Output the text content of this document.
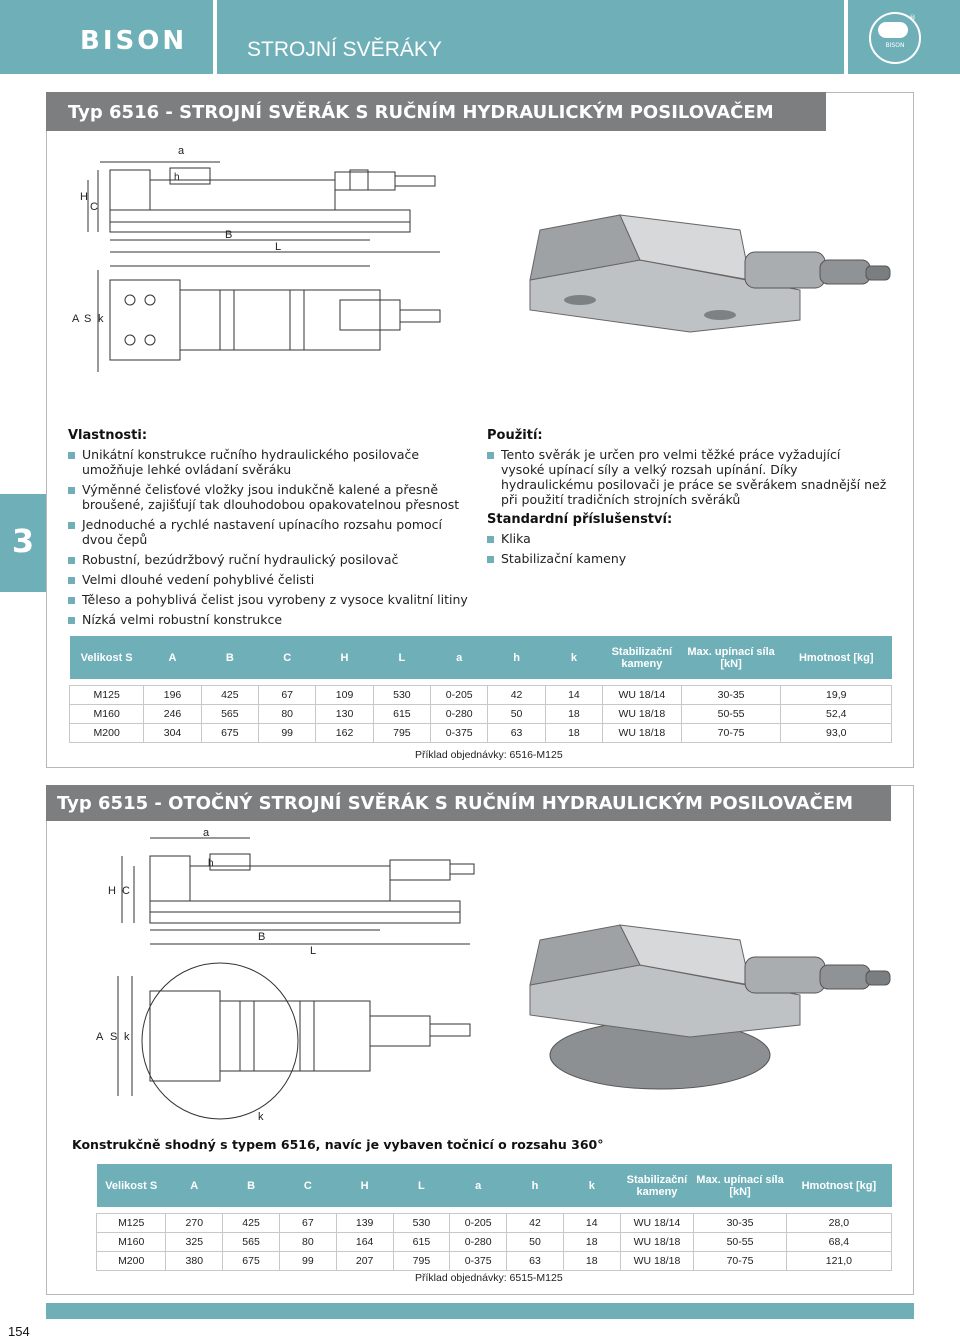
BISON	STROJNÍ SVĚRÁKY	BISON
®
3
Typ 6516 - STROJNÍ SVĚRÁK S RUČNÍM HYDRAULICKÝM POSILOVAČEM
a
h
H
C
B
L
A S k
Vlastnosti:
Unikátní konstrukce ručního hydraulického posilovače umožňuje lehké ovládaní svěráku
Výměnné čelisťové vložky jsou indukčně kalené a přesně broušené, zajišťují tak dlouhodobou opakovatelnou přesnost
Jednoduché a rychlé nastavení upínacího rozsahu pomocí dvou čepů
Robustní, bezúdržbový ruční hydraulický posilovač
Velmi dlouhé vedení pohyblivé čelisti
Těleso a pohyblivá čelist jsou vyrobeny z vysoce kvalitní litiny
Nízká velmi robustní konstrukce
Použití:
Tento svěrák je určen pro velmi těžké práce vyžadující vysoké upínací síly a velký rozsah upínání. Díky hydraulickému posilovači je práce se svěrákem snadnější než při použití tradičních strojních svěráků
Standardní příslušenství:
Klika
Stabilizační kameny
Velikost S	A	B	C	H	L	a	h	k	Stabilizační kameny	Max. upínací síla [kN]	Hmotnost [kg]

M125	196	425	67	109	530	0-205	42	14	WU 18/14	30-35	19,9
M160	246	565	80	130	615	0-280	50	18	WU 18/18	50-55	52,4
M200	304	675	99	162	795	0-375	63	18	WU 18/18	70-75	93,0
Příklad objednávky: 6516-M125
Typ 6515 - OTOČNÝ STROJNÍ SVĚRÁK S RUČNÍM HYDRAULICKÝM POSILOVAČEM
a
h
H C
B
L
A S k
k
Konstrukčně shodný s typem 6516, navíc je vybaven točnicí o rozsahu 360°
Velikost S	A	B	C	H	L	a	h	k	Stabilizační kameny	Max. upínací síla [kN]	Hmotnost [kg]

M125	270	425	67	139	530	0-205	42	14	WU 18/14	30-35	28,0
M160	325	565	80	164	615	0-280	50	18	WU 18/18	50-55	68,4
M200	380	675	99	207	795	0-375	63	18	WU 18/18	70-75	121,0
Příklad objednávky: 6515-M125
154
